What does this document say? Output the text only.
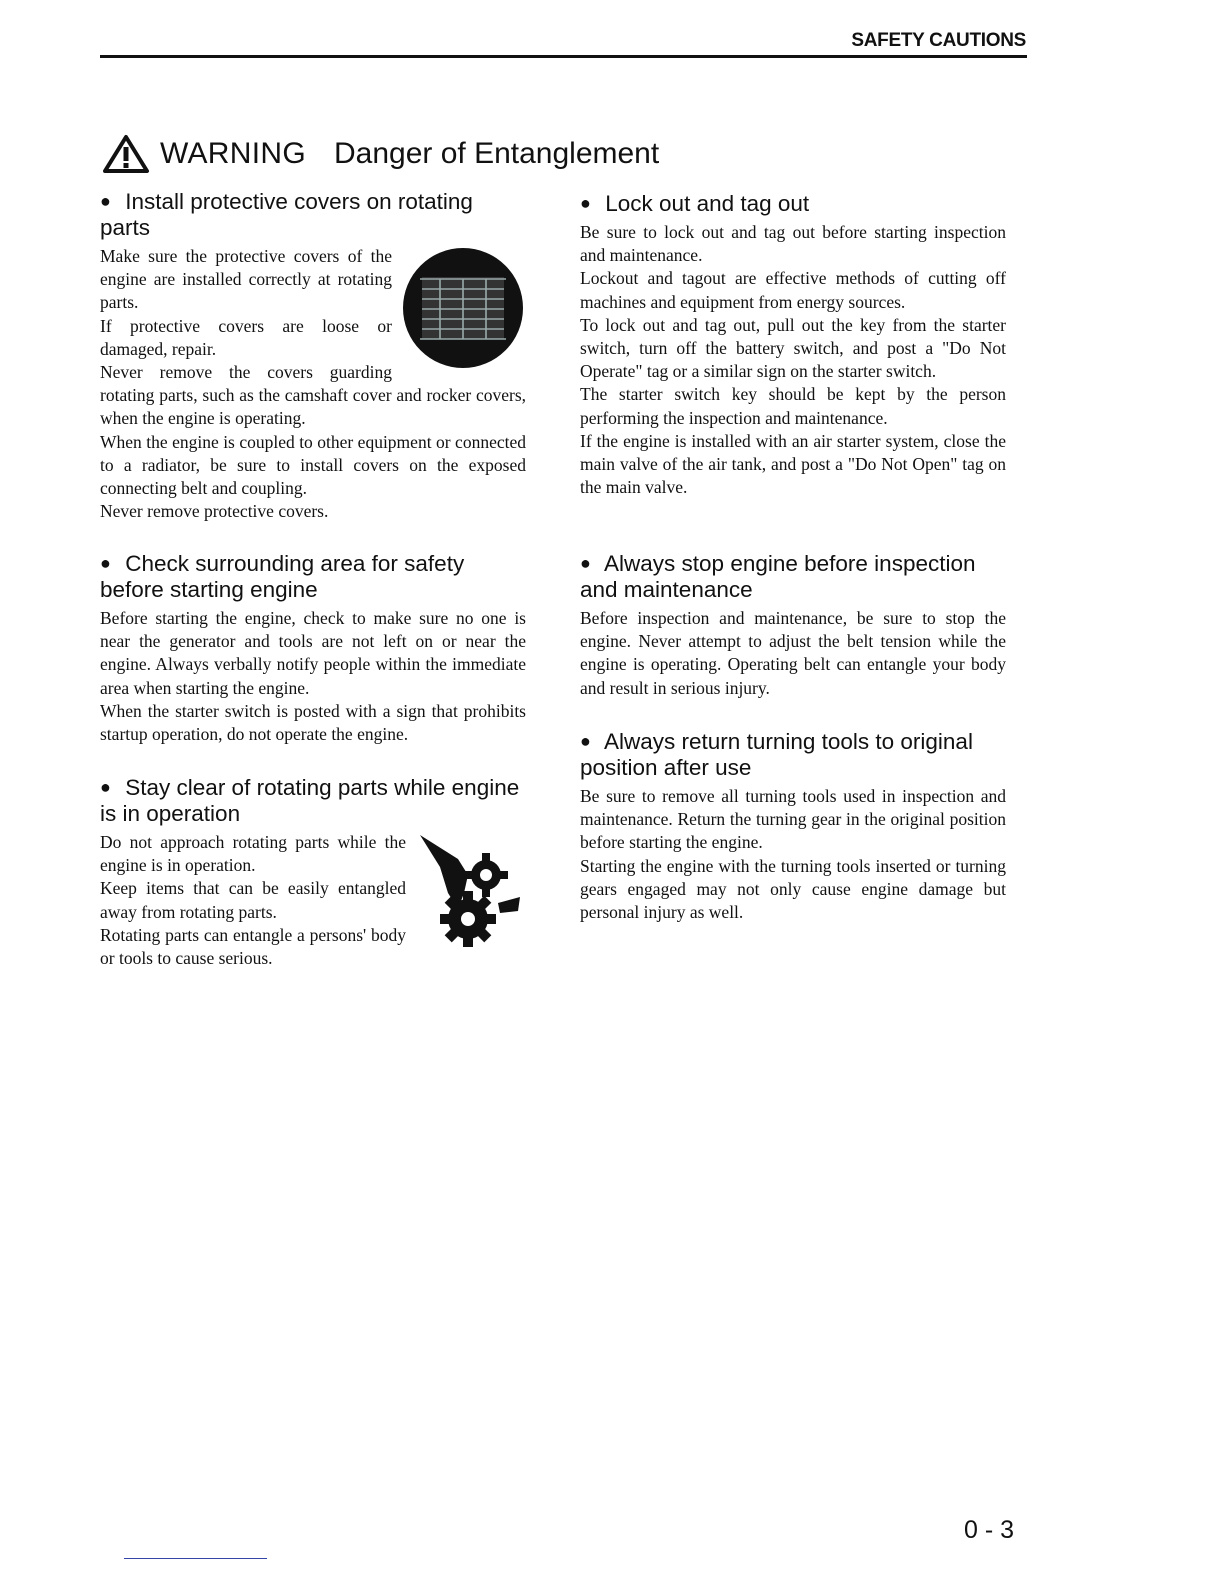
SAFETY CAUTIONS
WARNING Danger of Entanglement
● Install protective covers on rotating
parts

Make sure the protective covers of the engine are installed correctly at rotating parts.

If protective covers are loose or damaged, repair.

Never remove the covers guarding rotating parts, such as the camshaft cover and rocker covers, when the engine is operating.

When the engine is coupled to other equipment or connected to a radiator, be sure to install covers on the exposed connecting belt and coupling.

Never remove protective covers.

● Check surrounding area for safety
before starting engine

Before starting the engine, check to make sure no one is near the generator and tools are not left on or near the engine. Always verbally notify people within the immediate area when starting the engine.

When the starter switch is posted with a sign that prohibits startup operation, do not operate the engine.

● Stay clear of rotating parts while engine
is in operation

Do not approach rotating parts while the engine is in operation.

Keep items that can be easily entangled away from rotating parts.

Rotating parts can entangle a persons' body or tools to cause serious.

● Lock out and tag out

Be sure to lock out and tag out before starting inspection and maintenance.

Lockout and tagout are effective methods of cutting off machines and equipment from energy sources.

To lock out and tag out, pull out the key from the starter switch, turn off the battery switch, and post a "Do Not Operate" tag or a similar sign on the starter switch.

The starter switch key should be kept by the person performing the inspection and maintenance.

If the engine is installed with an air starter system, close the main valve of the air tank, and post a "Do Not Open" tag on the main valve.

● Always stop engine before inspection
and maintenance

Before inspection and maintenance, be sure to stop the engine. Never attempt to adjust the belt tension while the engine is operating. Operating belt can entangle your body and result in serious injury.

● Always return turning tools to original
position after use

Be sure to remove all turning tools used in inspection and maintenance. Return the turning gear in the original position before starting the engine.

Starting the engine with the turning tools inserted or turning gears engaged may not only cause engine damage but personal injury as well.

0 - 3
